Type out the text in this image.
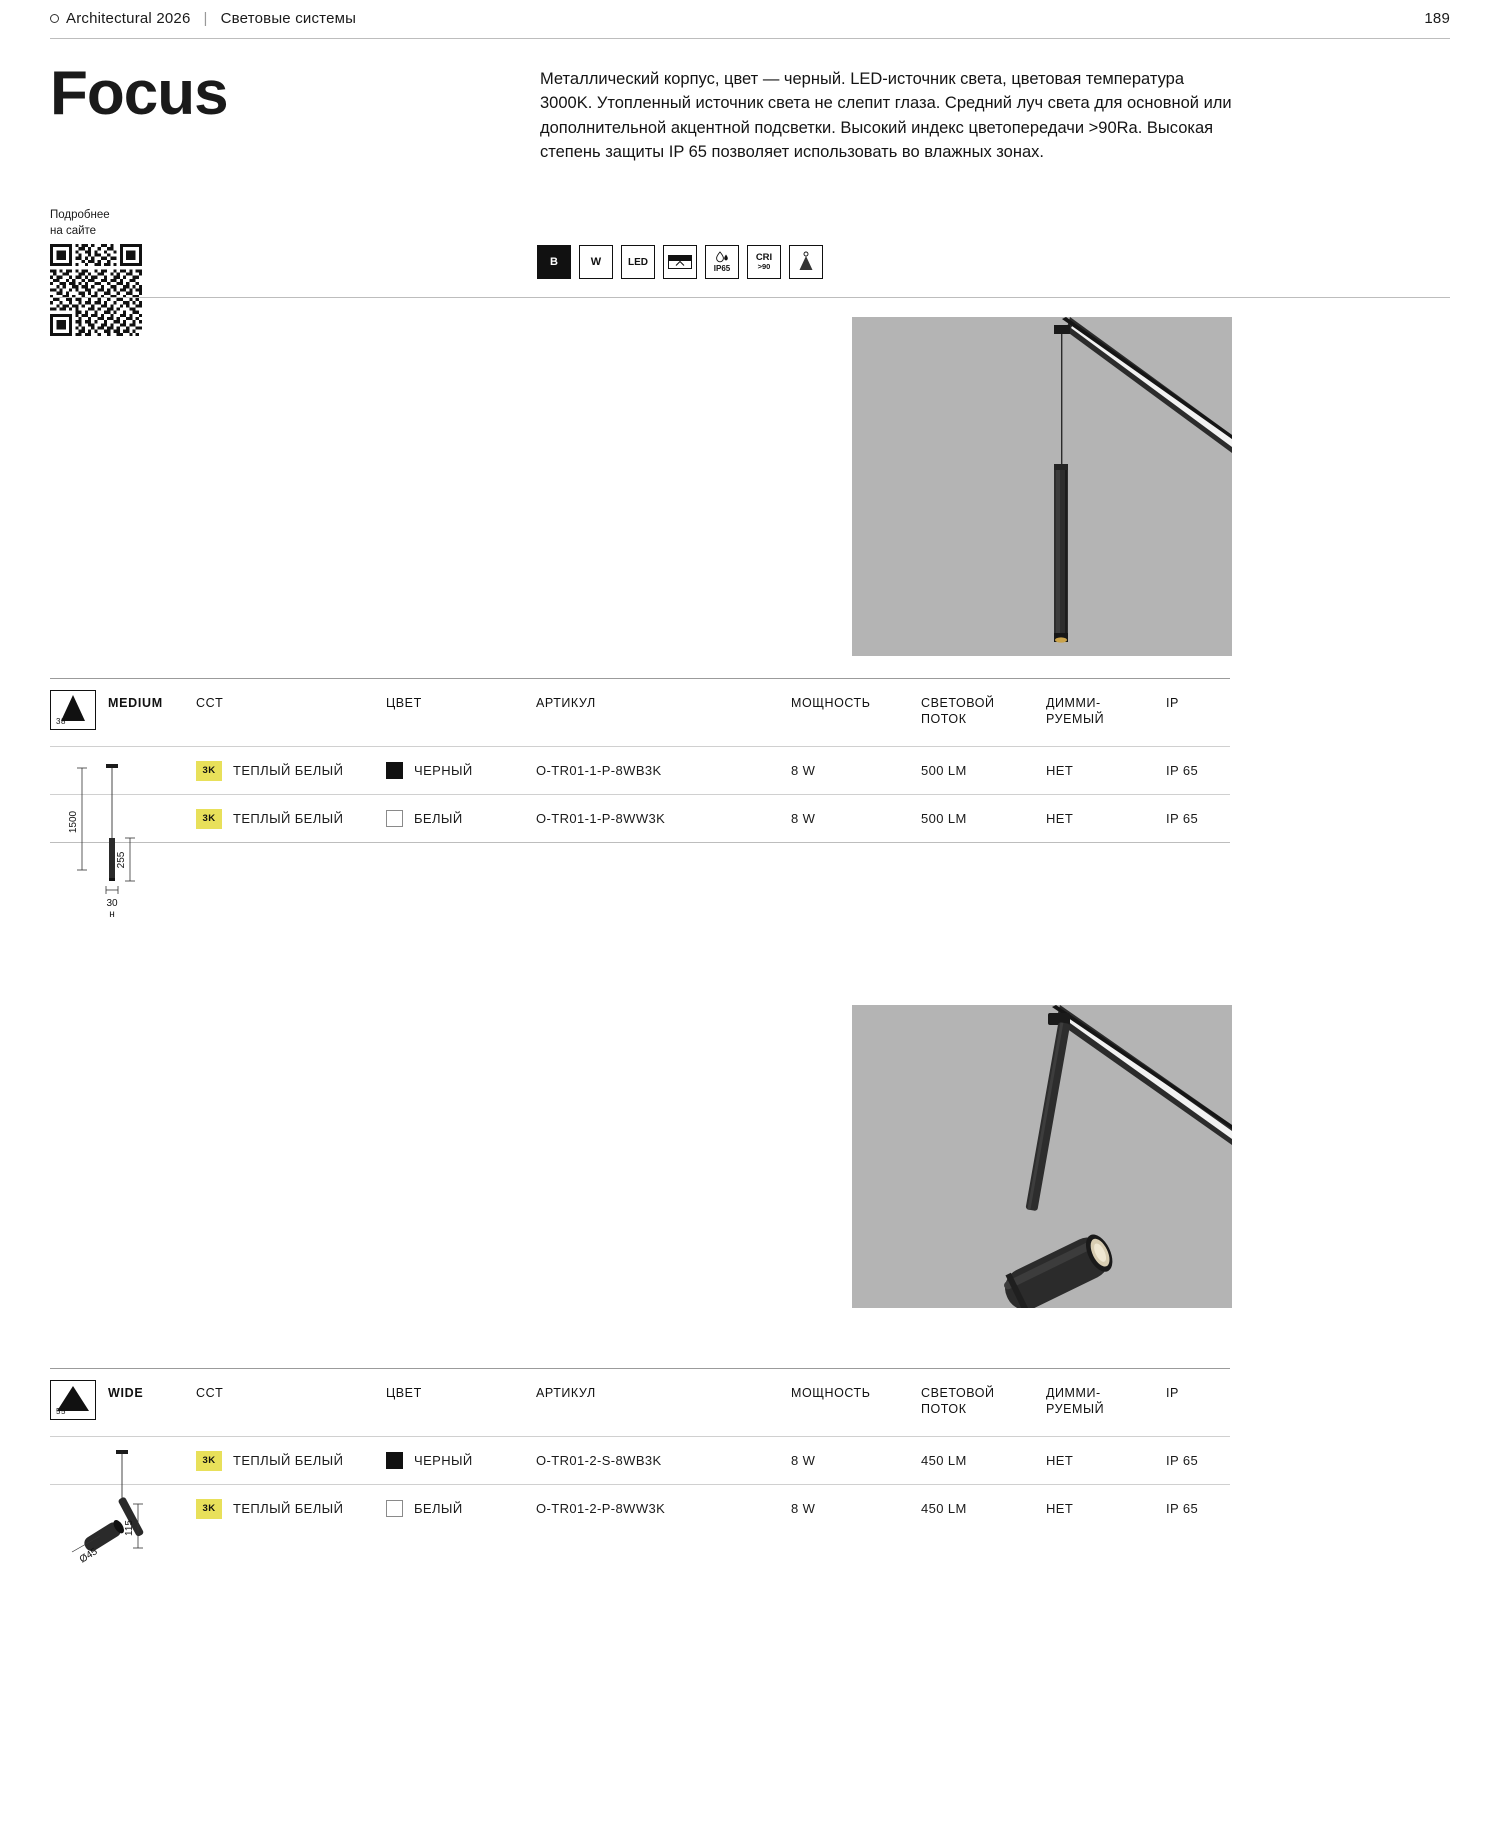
Architectural 2026 | Световые системы	189
Focus	Металлический корпус, цвет — черный. LED-источник света, цветовая температура 3000K. Утопленный источник света не слепит глаза. Средний луч света для основной или дополнительной акцентной подсветки. Высокий индекс цветопередачи >90Ra. Высокая степень защиты IP 65 позволяет использовать во влажных зонах.
Подробнее
на сайте
B	W	LED
IP65
CRI
>90
38°
MEDIUM	CCT	ЦВЕТ	АРТИКУЛ	МОЩНОСТЬ	СВЕТОВОЙ
ПОТОК
ДИММИ-
РУЕМЫЙ
IP
3K	ТЕПЛЫЙ БЕЛЫЙ	ЧЕРНЫЙ	O-TR01-1-P-8WB3K	8 W	500 LM	НЕТ	IP 65
3K	ТЕПЛЫЙ БЕЛЫЙ	БЕЛЫЙ	O-TR01-1-P-8WW3K	8 W	500 LM	НЕТ	IP 65
1500
255
30
н
55°
WIDE	CCT	ЦВЕТ	АРТИКУЛ	МОЩНОСТЬ	СВЕТОВОЙ
ПОТОК
ДИММИ-
РУЕМЫЙ
IP
3K	ТЕПЛЫЙ БЕЛЫЙ	ЧЕРНЫЙ	O-TR01-2-S-8WB3K	8 W	450 LM	НЕТ	IP 65
3K	ТЕПЛЫЙ БЕЛЫЙ	БЕЛЫЙ	O-TR01-2-P-8WW3K	8 W	450 LM	НЕТ	IP 65
115
Ø45
